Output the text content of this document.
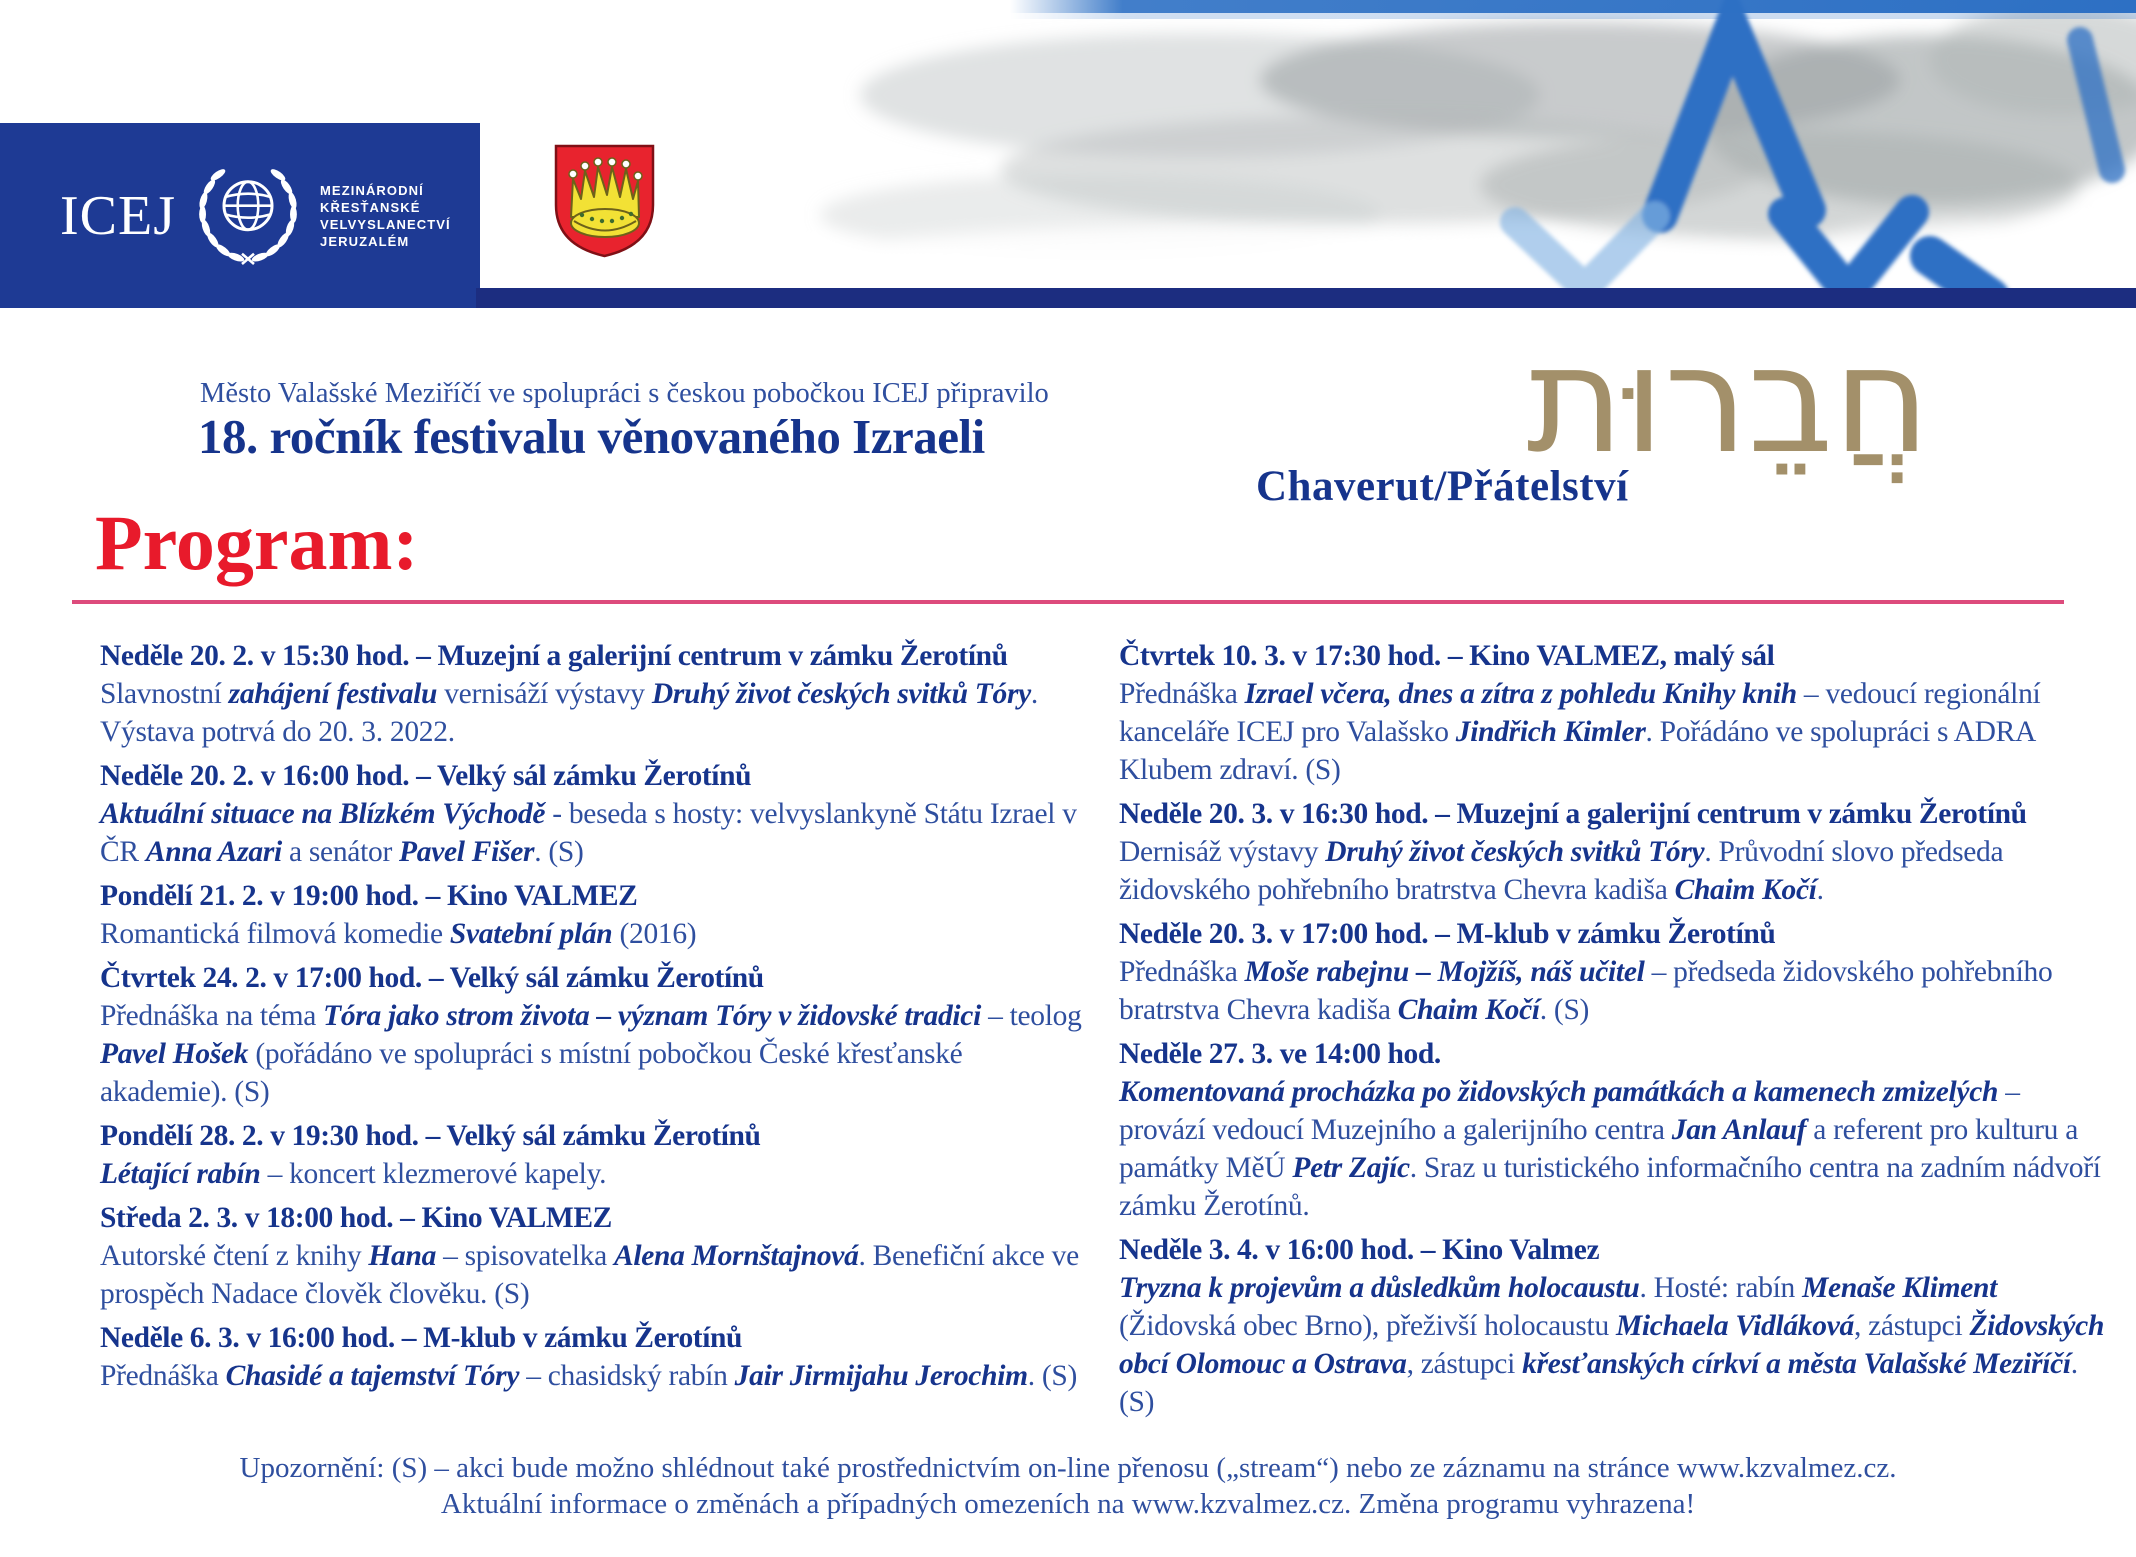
ICEJ	MEZINÁRODNÍ
KŘESŤANSKÉ
VELVYSLANECTVÍ
JERUZALÉM
Město Valašské Meziříčí ve spolupráci s českou pobočkou ICEJ připravilo
18. ročník festivalu věnovaného Izraeli	חֲבֵרוּת
Chaverut/Přátelství
Program:
Neděle 20. 2. v 15:30 hod. – Muzejní a galerijní centrum v zámku Žerotínů
Slavnostní zahájení festivalu vernisáží výstavy Druhý život českých svitků Tóry. Výstava potrvá do 20. 3. 2022.
Neděle 20. 2. v 16:00 hod. – Velký sál zámku Žerotínů
Aktuální situace na Blízkém Východě - beseda s hosty: velvyslankyně Státu Izrael v ČR Anna Azari a senátor Pavel Fišer. (S)
Pondělí 21. 2. v 19:00 hod. – Kino VALMEZ
Romantická filmová komedie Svatební plán (2016)
Čtvrtek 24. 2. v 17:00 hod. – Velký sál zámku Žerotínů
Přednáška na téma Tóra jako strom života – význam Tóry v židovské tradici – teolog Pavel Hošek (pořádáno ve spolupráci s místní pobočkou České křesťanské akademie). (S)
Pondělí 28. 2. v 19:30 hod. – Velký sál zámku Žerotínů
Létající rabín – koncert klezmerové kapely.
Středa 2. 3. v 18:00 hod. – Kino VALMEZ
Autorské čtení z knihy Hana – spisovatelka Alena Mornštajnová. Benefiční akce ve prospěch Nadace člověk člověku. (S)
Neděle 6. 3. v 16:00 hod. – M-klub v zámku Žerotínů
Přednáška Chasidé a tajemství Tóry – chasidský rabín Jair Jirmijahu Jerochim. (S)
Čtvrtek 10. 3. v 17:30 hod. – Kino VALMEZ, malý sál
Přednáška Izrael včera, dnes a zítra z pohledu Knihy knih – vedoucí regionální kanceláře ICEJ pro Valašsko Jindřich Kimler. Pořádáno ve spolupráci s ADRA Klubem zdraví. (S)
Neděle 20. 3. v 16:30 hod. – Muzejní a galerijní centrum v zámku Žerotínů
Dernisáž výstavy Druhý život českých svitků Tóry. Průvodní slovo předseda židovského pohřebního bratrstva Chevra kadiša Chaim Kočí.
Neděle 20. 3. v 17:00 hod. – M-klub v zámku Žerotínů
Přednáška Moše rabejnu – Mojžíš, náš učitel – předseda židovského pohřebního bratrstva Chevra kadiša Chaim Kočí. (S)
Neděle 27. 3. ve 14:00 hod.
Komentovaná procházka po židovských památkách a kamenech zmizelých – provází vedoucí Muzejního a galerijního centra Jan Anlauf a referent pro kulturu a památky MěÚ Petr Zajíc. Sraz u turistického informačního centra na zadním nádvoří zámku Žerotínů.
Neděle 3. 4. v 16:00 hod. – Kino Valmez
Tryzna k projevům a důsledkům holocaustu. Hosté: rabín Menaše Kliment (Židovská obec Brno), přeživší holocaustu Michaela Vidláková, zástupci Židovských obcí Olomouc a Ostrava, zástupci křesťanských církví a města Valašské Meziříčí. (S)
Upozornění: (S) – akci bude možno shlédnout také prostřednictvím on-line přenosu („stream“) nebo ze záznamu na stránce www.kzvalmez.cz.
Aktuální informace o změnách a případných omezeních na www.kzvalmez.cz. Změna programu vyhrazena!
